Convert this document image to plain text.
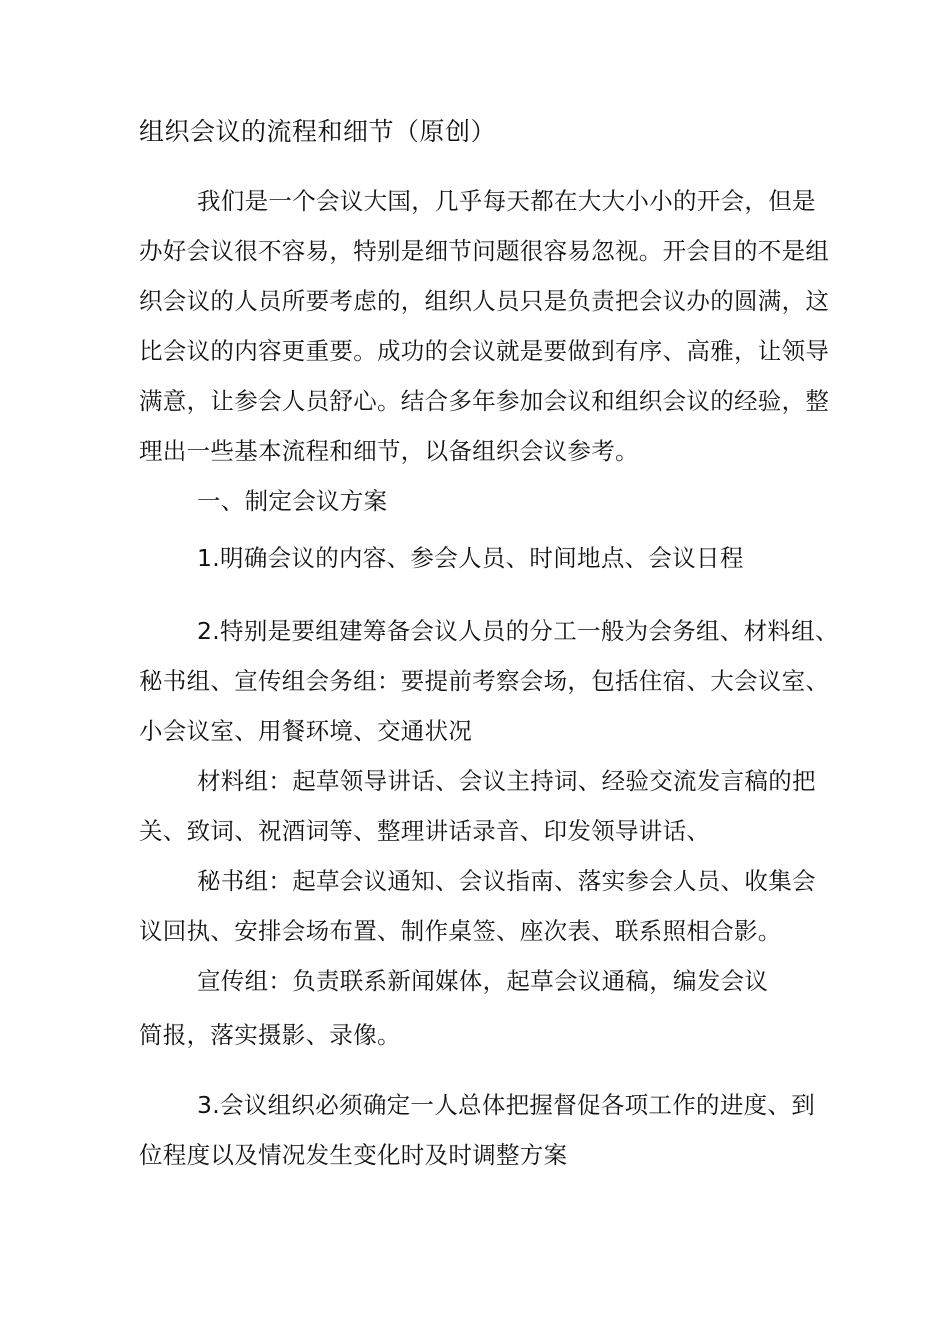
组织会议的流程和细节（原创）
我们是一个会议大国，几乎每天都在大大小小的开会，但是
办好会议很不容易，特别是细节问题很容易忽视。开会目的不是组
织会议的人员所要考虑的，组织人员只是负责把会议办的圆满，这
比会议的内容更重要。成功的会议就是要做到有序、高雅，让领导
满意，让参会人员舒心。结合多年参加会议和组织会议的经验，整
理出一些基本流程和细节，以备组织会议参考。
一、制定会议方案
1.明确会议的内容、参会人员、时间地点、会议日程
2.特别是要组建筹备会议人员的分工一般为会务组、材料组、
秘书组、宣传组会务组：要提前考察会场，包括住宿、大会议室、
小会议室、用餐环境、交通状况
材料组：起草领导讲话、会议主持词、经验交流发言稿的把
关、致词、祝酒词等、整理讲话录音、印发领导讲话、
秘书组：起草会议通知、会议指南、落实参会人员、收集会
议回执、安排会场布置、制作桌签、座次表、联系照相合影。
宣传组：负责联系新闻媒体，起草会议通稿，编发会议
简报，落实摄影、录像。
3.会议组织必须确定一人总体把握督促各项工作的进度、到
位程度以及情况发生变化时及时调整方案
